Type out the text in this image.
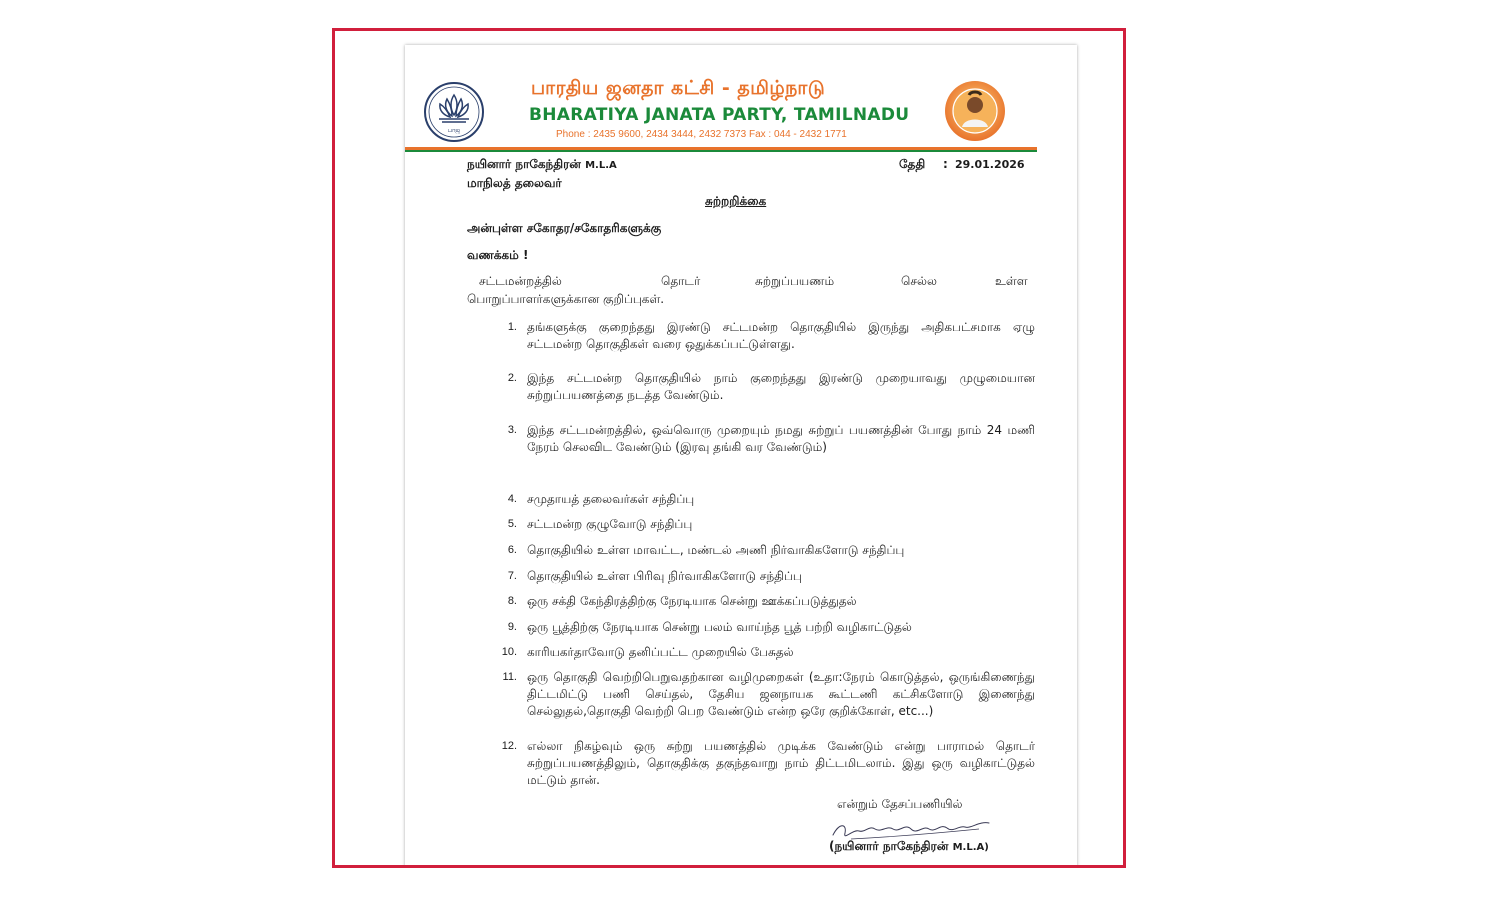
பாஜ
பாரதிய ஜனதா கட்சி - தமிழ்நாடு
BHARATIYA JANATA PARTY, TAMILNADU
Phone : 2435 9600, 2434 3444, 2432 7373 Fax : 044 - 2432 1771
நயினார் நாகேந்திரன் M.L.A
மாநிலத் தலைவர்
தேதி : 29.01.2026
சுற்றறிக்கை
அன்புள்ள சகோதர/சகோதரிகளுக்கு
வணக்கம் !
சட்டமன்றத்தில்	தொடர்	சுற்றுப்பயணம்	செல்ல	உள்ள
பொறுப்பாளர்களுக்கான குறிப்புகள்.
1. தங்களுக்கு குறைந்தது இரண்டு சட்டமன்ற தொகுதியில் இருந்து அதிகபட்சமாக ஏழு சட்டமன்ற தொகுதிகள் வரை ஒதுக்கப்பட்டுள்ளது.
2. இந்த சட்டமன்ற தொகுதியில் நாம் குறைந்தது இரண்டு முறையாவது முழுமையான சுற்றுப்பயணத்தை நடத்த வேண்டும்.
3. இந்த சட்டமன்றத்தில், ஒவ்வொரு முறையும் நமது சுற்றுப் பயணத்தின் போது நாம் 24 மணி நேரம் செலவிட வேண்டும் (இரவு தங்கி வர வேண்டும்)
4. சமுதாயத் தலைவர்கள் சந்திப்பு
5. சட்டமன்ற குழுவோடு சந்திப்பு
6. தொகுதியில் உள்ள மாவட்ட, மண்டல் அணி நிர்வாகிகளோடு சந்திப்பு
7. தொகுதியில் உள்ள பிரிவு நிர்வாகிகளோடு சந்திப்பு
8. ஒரு சக்தி கேந்திரத்திற்கு நேரடியாக சென்று ஊக்கப்படுத்துதல்
9. ஒரு பூத்திற்கு நேரடியாக சென்று பலம் வாய்ந்த பூத் பற்றி வழிகாட்டுதல்
10. காரியகர்தாவோடு தனிப்பட்ட முறையில் பேசுதல்
11. ஒரு தொகுதி வெற்றிபெறுவதற்கான வழிமுறைகள் (உதா:நேரம் கொடுத்தல், ஒருங்கிணைந்து திட்டமிட்டு பணி செய்தல், தேசிய ஜனநாயக கூட்டணி கட்சிகளோடு இணைந்து செல்லுதல்,தொகுதி வெற்றி பெற வேண்டும் என்ற ஒரே குறிக்கோள், etc...)
12. எல்லா நிகழ்வும் ஒரு சுற்று பயணத்தில் முடிக்க வேண்டும் என்று பாராமல் தொடர் சுற்றுப்பயணத்திலும், தொகுதிக்கு தகுந்தவாறு நாம் திட்டமிடலாம். இது ஒரு வழிகாட்டுதல் மட்டும் தான்.
என்றும் தேசப்பணியில்
(நயினார் நாகேந்திரன் M.L.A)
